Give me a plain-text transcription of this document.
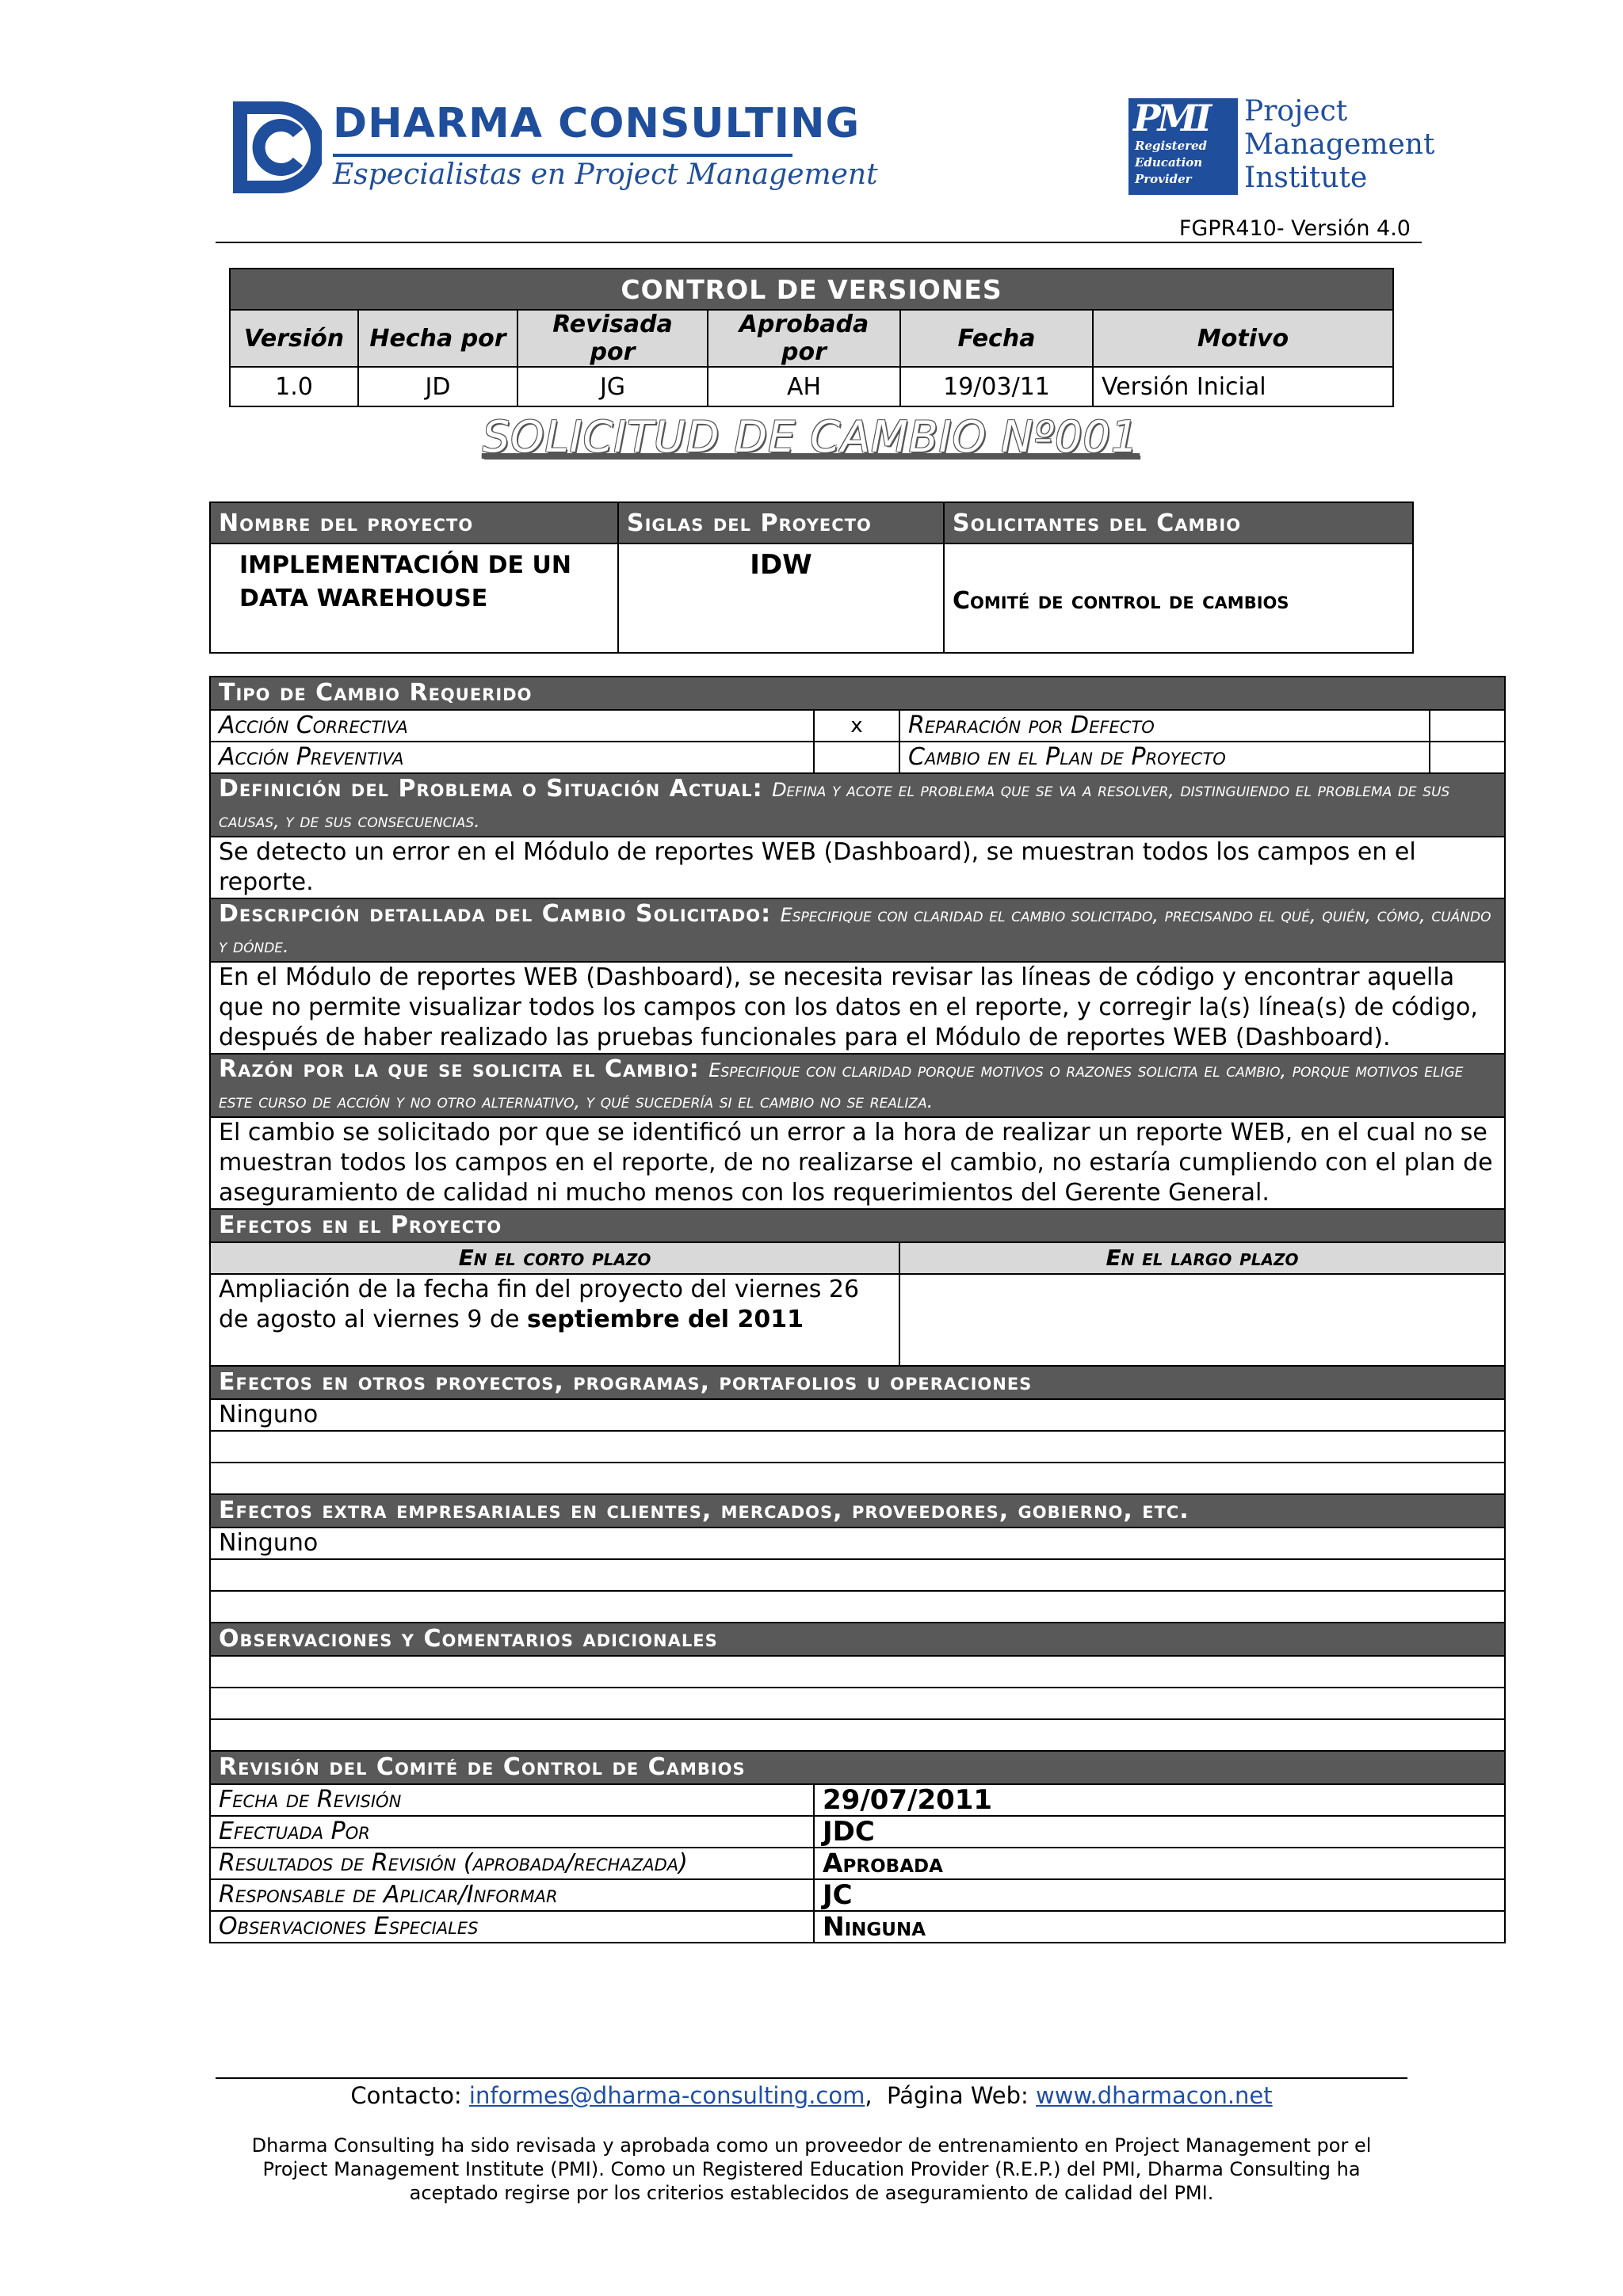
DHARMA CONSULTING
Especialistas en Project Management
PMI
Registered
Education
Provider
Project
Management
Institute
FGPR410- Versión 4.0
CONTROL DE VERSIONES					
Versión	Hecha por	Revisada por	Aprobada por	Fecha	Motivo
1.0	JD	JG	AH	19/03/11	Versión Inicial
SOLICITUD DE CAMBIO Nº001
Nombre del proyecto	Siglas del Proyecto	Solicitantes del Cambio
IMPLEMENTACIÓN DE UN DATA WAREHOUSE	IDW	Comité de control de cambios
Tipo de Cambio Requerido			
Acción Correctiva	x	Reparación por Defecto	
Acción Preventiva		Cambio en el Plan de Proyecto	
Definición del Problema o Situación Actual: Defina y acote el problema que se va a resolver, distinguiendo el problema de sus causas, y de sus consecuencias.			
Se detecto un error en el Módulo de reportes WEB (Dashboard), se muestran todos los campos en el reporte.			
Descripción detallada del Cambio Solicitado: Especifique con claridad el cambio solicitado, precisando el qué, quién, cómo, cuándo y dónde.			
En el Módulo de reportes WEB (Dashboard), se necesita revisar las líneas de código y encontrar aquella que no permite visualizar todos los campos con los datos en el reporte, y corregir la(s) línea(s) de código, después de haber realizado las pruebas funcionales para el Módulo de reportes WEB (Dashboard).			
Razón por la que se solicita el Cambio: Especifique con claridad porque motivos o razones solicita el cambio, porque motivos elige este curso de acción y no otro alternativo, y qué sucedería si el cambio no se realiza.			
El cambio se solicitado por que se identificó un error a la hora de realizar un reporte WEB, en el cual no se muestran todos los campos en el reporte, de no realizarse el cambio, no estaría cumpliendo con el plan de aseguramiento de calidad ni mucho menos con los requerimientos del Gerente General.			
Efectos en el Proyecto			
En el corto plazo		En el largo plazo	
Ampliación de la fecha fin del proyecto del viernes 26 de agosto al viernes 9 de septiembre del 2011			
Efectos en otros proyectos, programas, portafolios u operaciones			
Ninguno			

Efectos extra empresariales en clientes, mercados, proveedores, gobierno, etc.			
Ninguno			

Observaciones y Comentarios adicionales			

Revisión del Comité de Control de Cambios			
Fecha de Revisión	29/07/2011		
Efectuada Por	JDC		
Resultados de Revisión (aprobada/rechazada)	Aprobada		
Responsable de Aplicar/Informar	JC		
Observaciones Especiales	Ninguna		
Contacto: informes@dharma-consulting.com,  Página Web: www.dharmacon.net
Dharma Consulting ha sido revisada y aprobada como un proveedor de entrenamiento en Project Management por el Project Management Institute (PMI). Como un Registered Education Provider (R.E.P.) del PMI, Dharma Consulting ha aceptado regirse por los criterios establecidos de aseguramiento de calidad del PMI.
